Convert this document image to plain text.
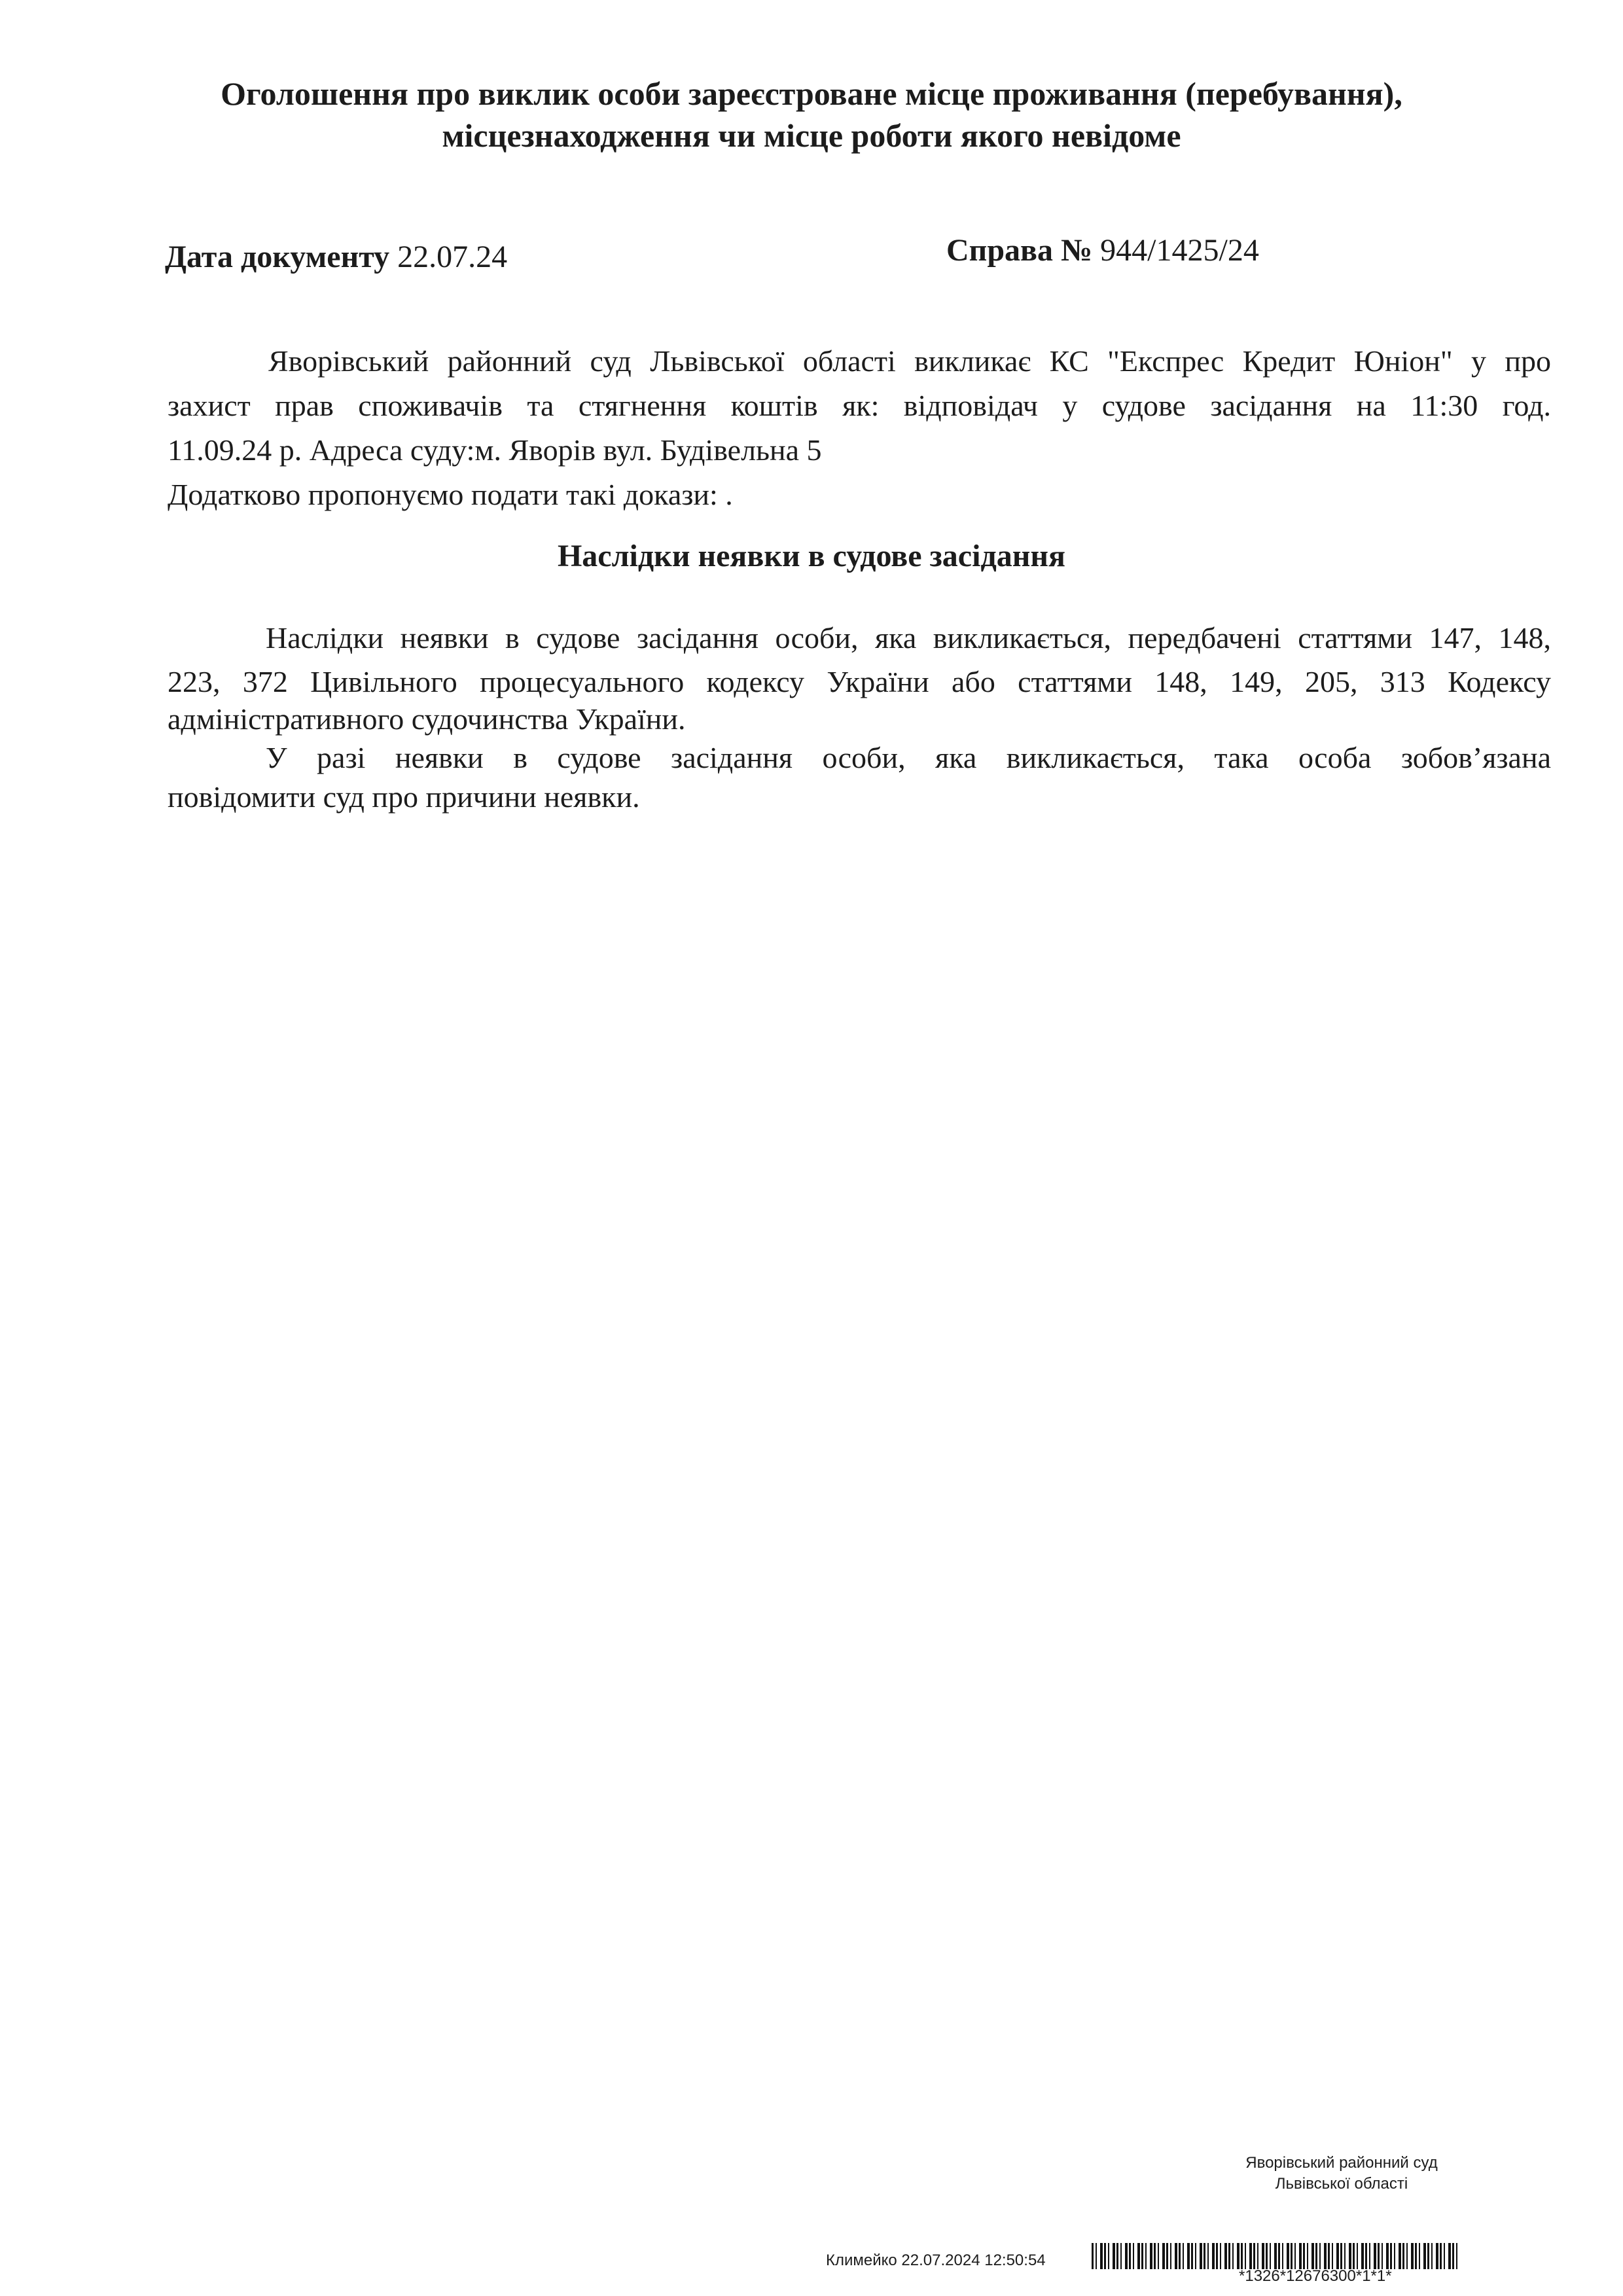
Оголошення про виклик особи зареєстроване місце проживання (перебування),
місцезнаходження чи місце роботи якого невідоме
Дата документу 22.07.24	Справа № 944/1425/24
Яворівський районний суд Львівської області викликає КС "Експрес Кредит Юніон" у про
захист прав споживачів та стягнення коштів як: відповідач у судове засідання на 11:30 год.
11.09.24 р. Адреса суду:м. Яворів вул. Будівельна 5
Додатково пропонуємо подати такі докази: .
Наслідки неявки в судове засідання
Наслідки неявки в судове засідання особи, яка викликається, передбачені статтями 147, 148,
223, 372 Цивільного процесуального кодексу України або статтями 148, 149, 205, 313 Кодексу
адміністративного судочинства України.
У разі неявки в судове засідання особи, яка викликається, така особа зобов’язана
повідомити суд про причини неявки.
Яворівський районний суд
Львівської області
Климейко 22.07.2024 12:50:54
*1326*12676300*1*1*
